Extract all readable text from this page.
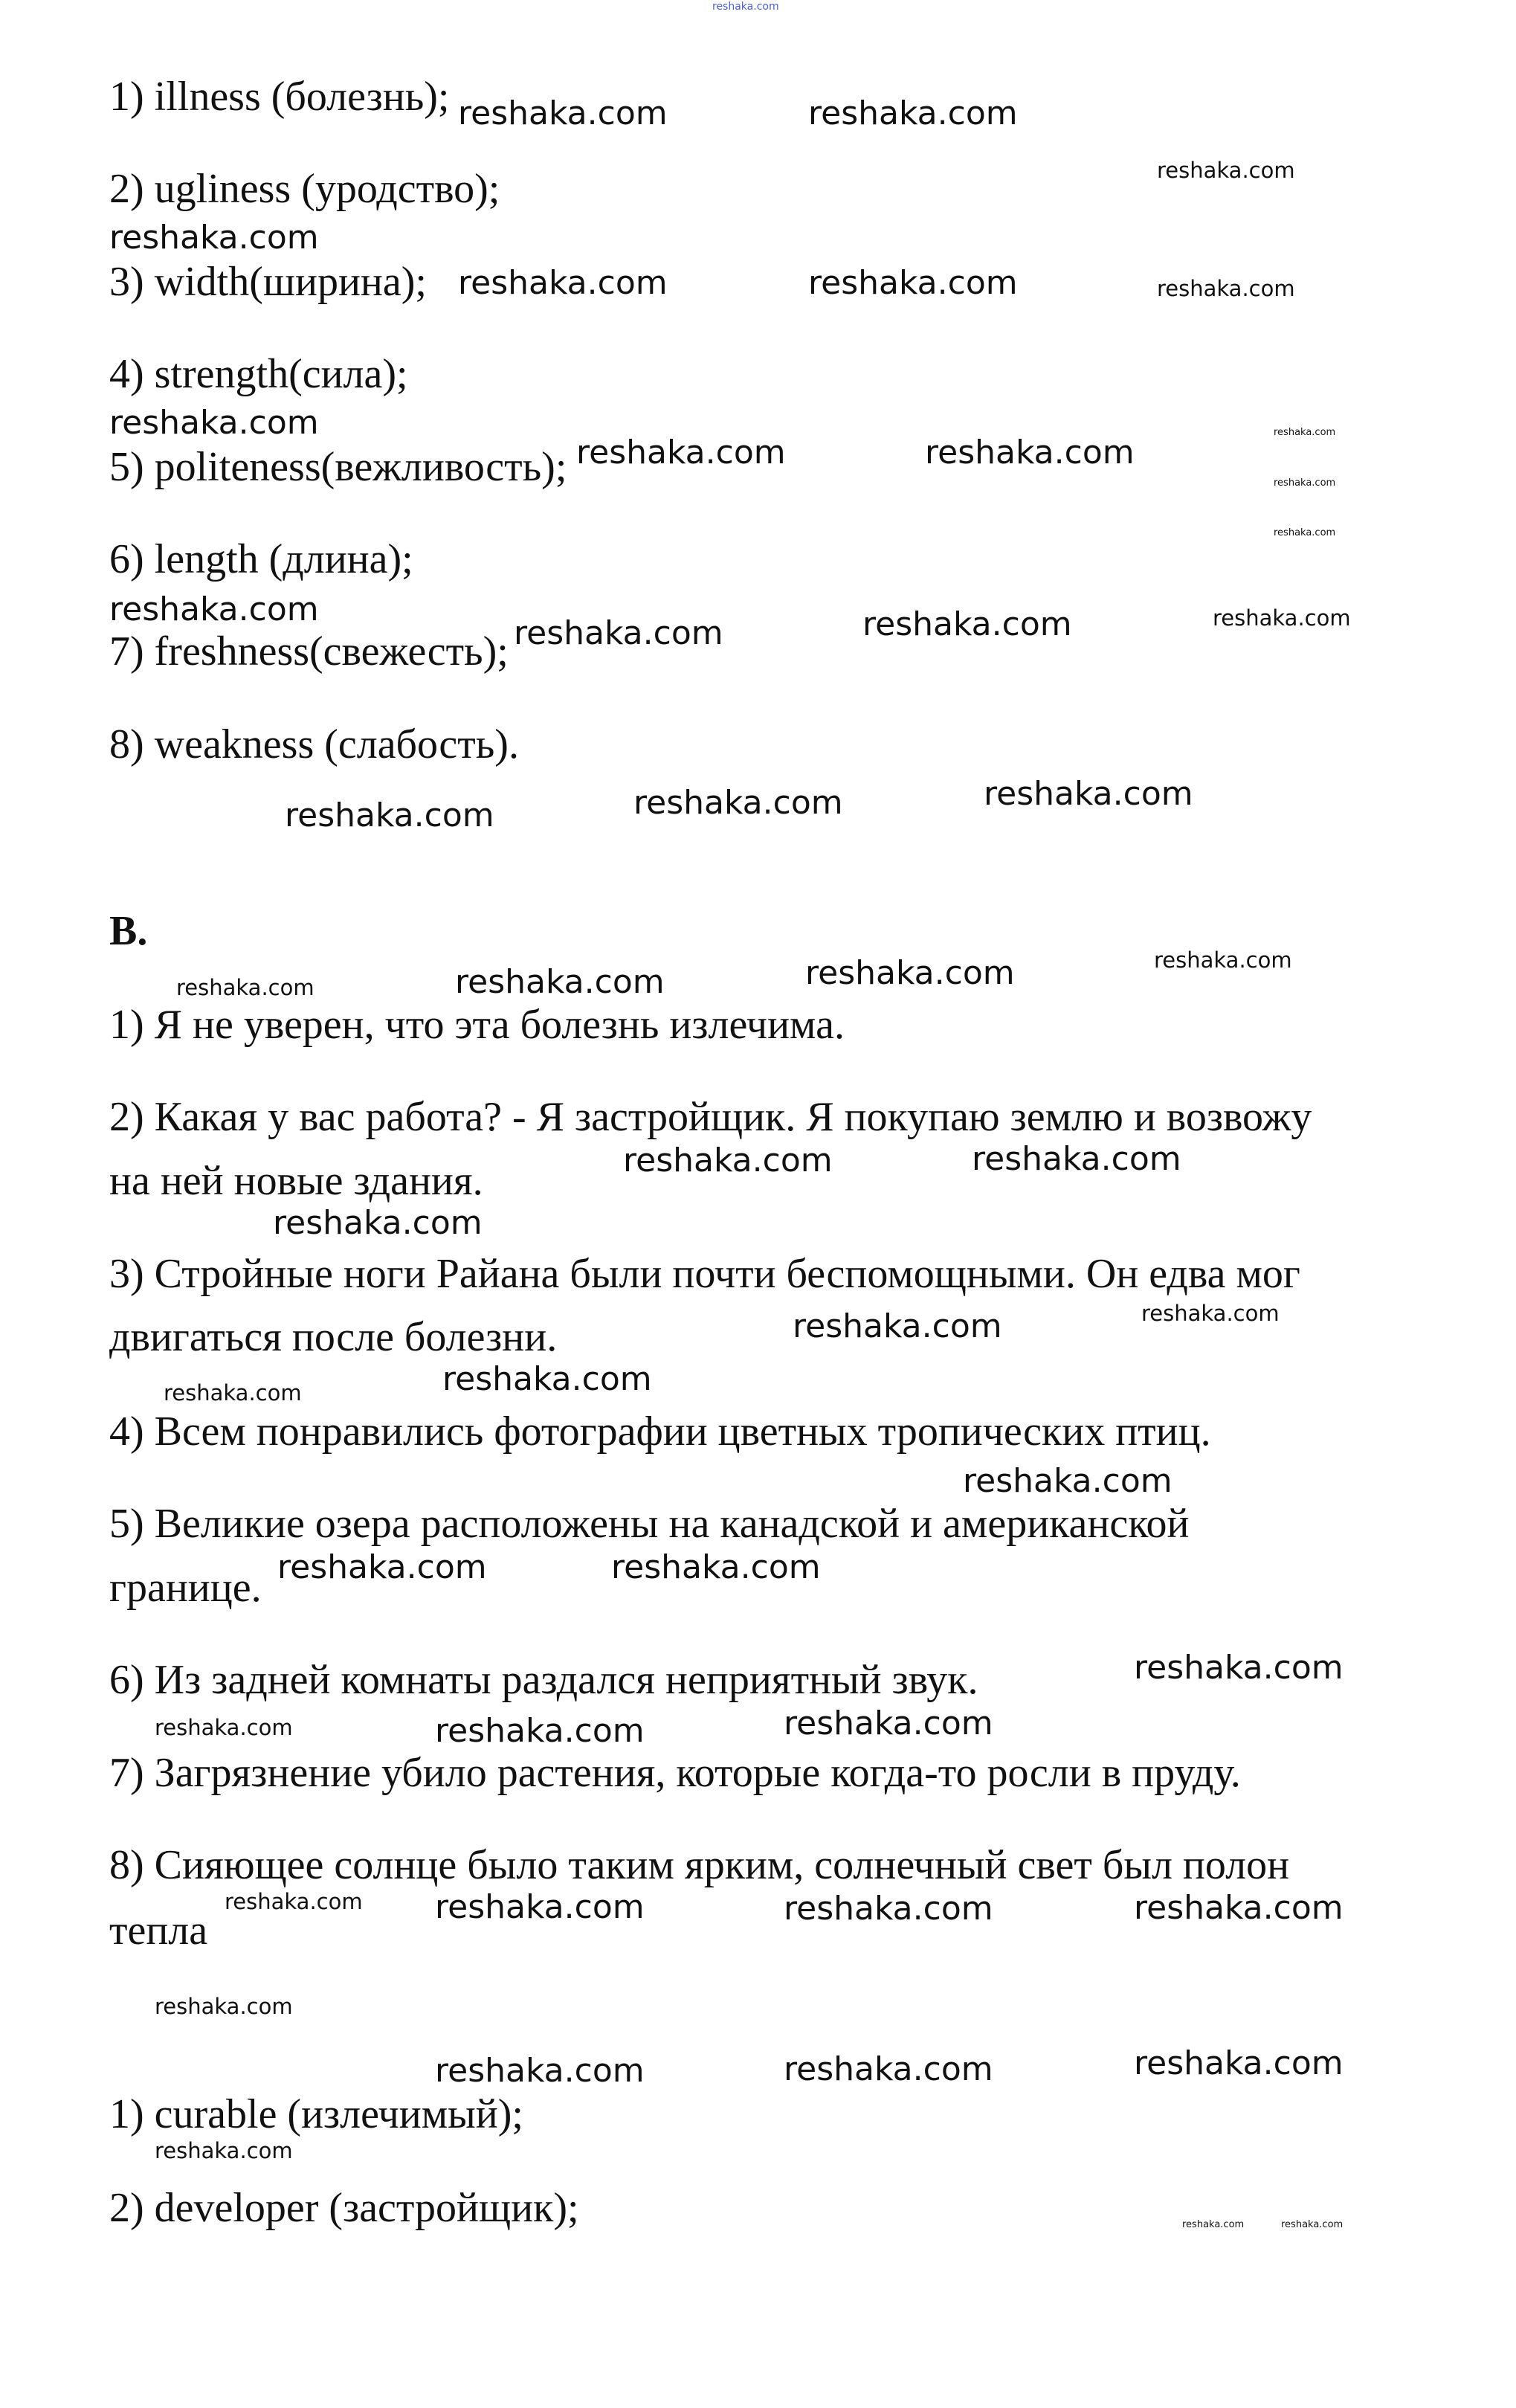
reshaka.com
1) illness (болезнь);
2) ugliness (уродство);
3) width(ширина);
4) strength(сила);
5) politeness(вежливость);
6) length (длина);
7) freshness(свежесть);
8) weakness (слабость).
B.
1) Я не уверен, что эта болезнь излечима.
2) Какая у вас работа? - Я застройщик. Я покупаю землю и возвожу
на ней новые здания.
3) Стройные ноги Райана были почти беспомощными. Он едва мог
двигаться после болезни.
4) Всем понравились фотографии цветных тропических птиц.
5) Великие озера расположены на канадской и американской
границе.
6) Из задней комнаты раздался неприятный звук.
7) Загрязнение убило растения, которые когда-то росли в пруду.
8) Сияющее солнце было таким ярким, солнечный свет был полон
тепла
1) curable (излечимый);
2) developer (застройщик);
reshaka.com	reshaka.com
reshaka.com
reshaka.com
reshaka.com	reshaka.com	reshaka.com
reshaka.com
reshaka.com	reshaka.com
reshaka.com
reshaka.com
reshaka.com
reshaka.com
reshaka.com	reshaka.com	reshaka.com
reshaka.com	reshaka.com	reshaka.com
reshaka.com
reshaka.com	reshaka.com	reshaka.com
reshaka.com
reshaka.com	reshaka.com
reshaka.com	reshaka.com
reshaka.com
reshaka.com
reshaka.com
reshaka.com	reshaka.com
reshaka.com
reshaka.com	reshaka.com	reshaka.com
reshaka.com reshaka.com	reshaka.com	reshaka.com
reshaka.com
reshaka.com	reshaka.com	reshaka.com
reshaka.com
reshaka.com	reshaka.com
